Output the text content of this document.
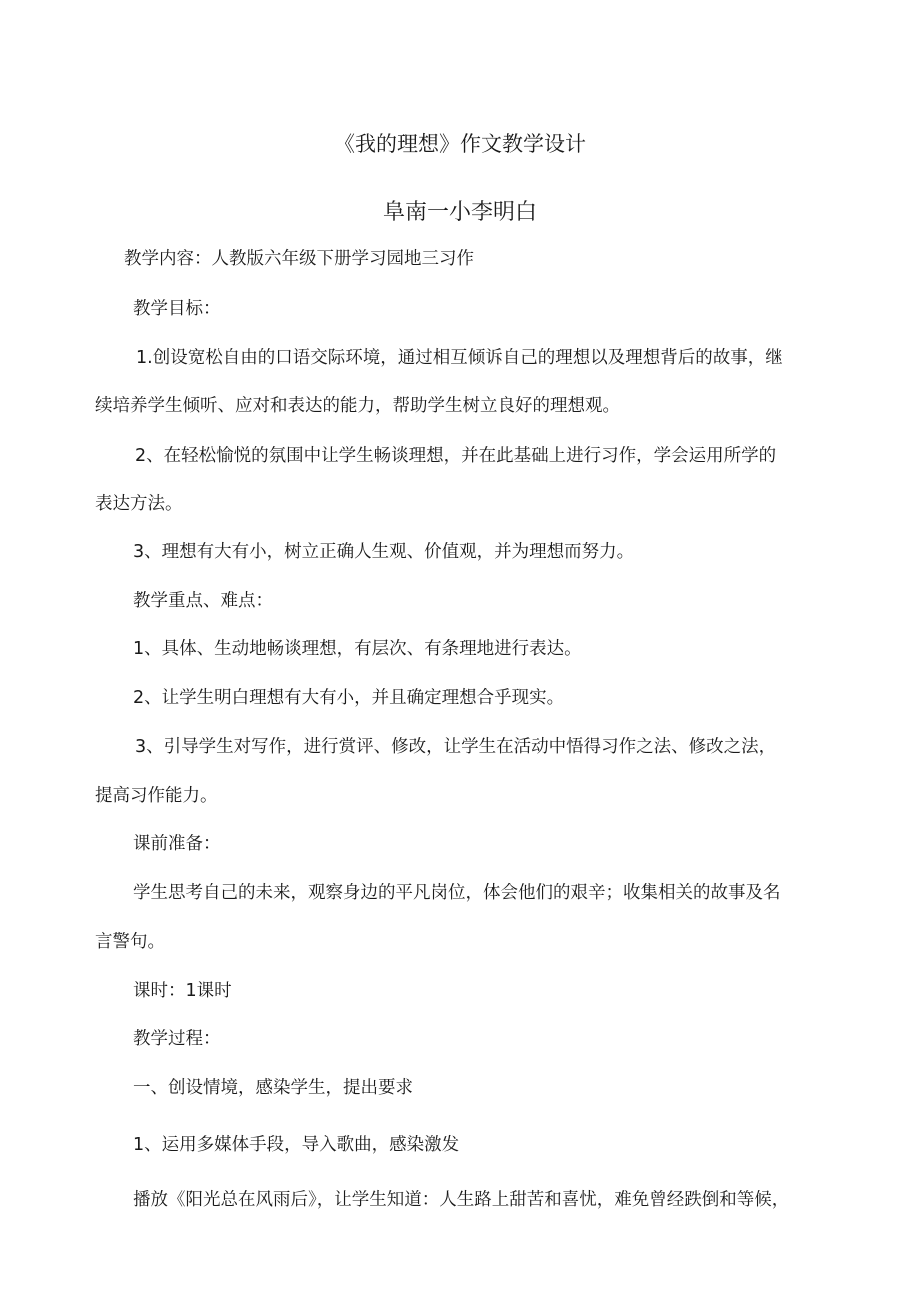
《我的理想》作文教学设计
阜南一小李明白
教学内容：人教版六年级下册学习园地三习作
教学目标：
1.创设宽松自由的口语交际环境，通过相互倾诉自己的理想以及理想背后的故事，继
续培养学生倾听、应对和表达的能力，帮助学生树立良好的理想观。
2、在轻松愉悦的氛围中让学生畅谈理想，并在此基础上进行习作，学会运用所学的
表达方法。
3、理想有大有小，树立正确人生观、价值观，并为理想而努力。
教学重点、难点：
1、具体、生动地畅谈理想，有层次、有条理地进行表达。
2、让学生明白理想有大有小，并且确定理想合乎现实。
3、引导学生对写作，进行赏评、修改，让学生在活动中悟得习作之法、修改之法，
提高习作能力。
课前准备：
学生思考自己的未来，观察身边的平凡岗位，体会他们的艰辛；收集相关的故事及名
言警句。
课时：1课时
教学过程：
一、创设情境，感染学生，提出要求
1、运用多媒体手段，导入歌曲，感染激发
播放《阳光总在风雨后》，让学生知道：人生路上甜苦和喜忧，难免曾经跌倒和等候，
